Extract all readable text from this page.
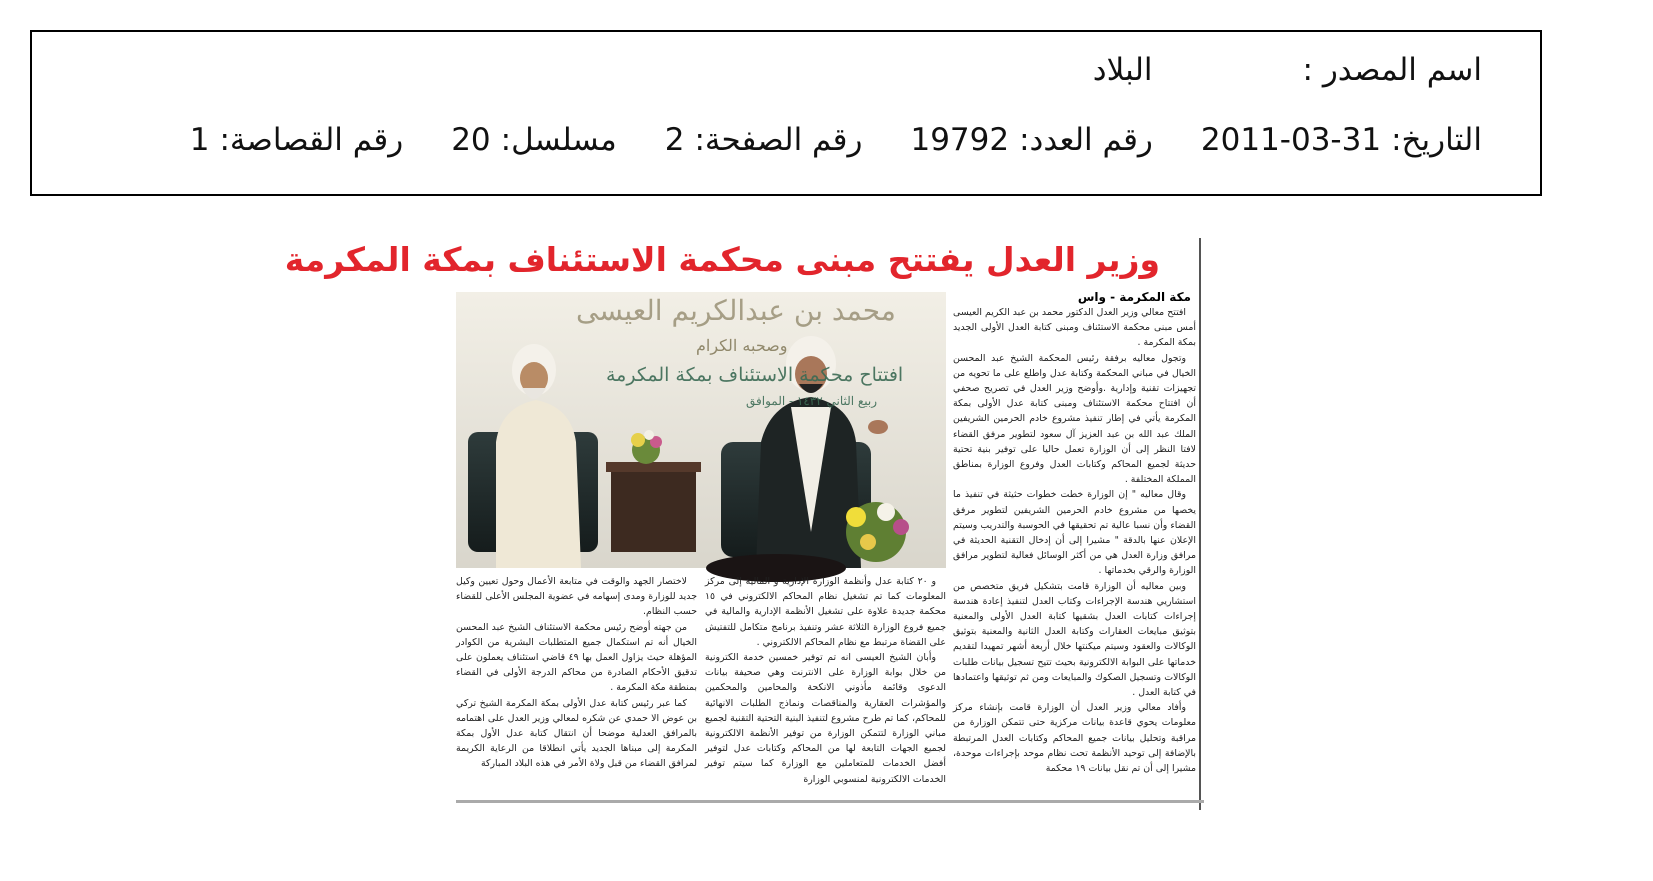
اسم المصدر :
البلاد
التاريخ:
2011-03-31
رقم العدد:
19792
رقم الصفحة:
2
مسلسل:
20
رقم القصاصة:
1
وزير العدل يفتتح مبنى محكمة الاستئناف بمكة المكرمة
مكة المكرمة - واس
محمد بن عبدالكريم العيسى
وصحبه الكرام
افتتاح محكمة الاستئناف بمكة المكرمة
ربيع الثاني ١٤٣٢ - الموافق

افتتح معالي وزير العدل الدكتور محمد بن عبد الكريم العيسى أمس مبنى محكمة الاستئناف ومبنى كتابة العدل الأولى الجديد بمكة المكرمة .

وتجول معاليه برفقة رئيس المحكمة الشيخ عبد المحسن الخيال في مباني المحكمة وكتابة عدل واطلع على ما تحويه من تجهيزات تقنية وإدارية .وأوضح وزير العدل في تصريح صحفي أن افتتاح محكمة الاستئناف ومبنى كتابة عدل الأولى بمكة المكرمة يأتي في إطار تنفيذ مشروع خادم الحرمين الشريفين الملك عبد الله بن عبد العزيز آل سعود لتطوير مرفق القضاء لافتا النظر إلى أن الوزارة تعمل حاليا على توفير بنية تحتية حديثة لجميع المحاكم وكتابات العدل وفروع الوزارة بمناطق المملكة المختلفة .

وقال معاليه " إن الوزارة خطت خطوات حثيثة في تنفيذ ما يخصها من مشروع خادم الحرمين الشريفين لتطوير مرفق القضاء وأن نسبا عالية تم تحقيقها في الحوسبة والتدريب وسيتم الإعلان عنها بالدقة " مشيرا إلى أن إدخال التقنية الحديثة في مرافق وزارة العدل هي من أكثر الوسائل فعالية لتطوير مرافق الوزارة والرقي بخدماتها .

وبين معاليه أن الوزارة قامت بتشكيل فريق متخصص من استشاريي هندسة الإجراءات وكتاب العدل لتنفيذ إعادة هندسة إجراءات كتابات العدل بشقيها كتابة العدل الأولى والمعنية بتوثيق مبايعات العقارات وكتابة العدل الثانية والمعنية بتوثيق الوكالات والعقود وسيتم ميكنتها خلال أربعة أشهر تمهيدا لتقديم خدماتها على البوابة الالكترونية بحيث تتيح تسجيل بيانات طلبات الوكالات وتسجيل الصكوك والمبايعات ومن ثم توثيقها واعتمادها في كتابة العدل .

وأفاد معالي وزير العدل أن الوزارة قامت بإنشاء مركز معلومات يحوي قاعدة بيانات مركزية حتى تتمكن الوزارة من مراقبة وتحليل بيانات جميع المحاكم وكتابات العدل المرتبطة بالإضافة إلى توحيد الأنظمة تحت نظام موحد بإجراءات موحدة، مشيرا إلى أن تم نقل بيانات ١٩ محكمة

و ٢٠ كتابة عدل وأنظمة الوزارة الإدارية و المالية إلى مركز المعلومات كما تم تشغيل نظام المحاكم الالكتروني في ١٥ محكمة جديدة علاوة على تشغيل الأنظمة الإدارية والمالية في جميع فروع الوزارة الثلاثة عشر وتنفيذ برنامج متكامل للتفتيش على القضاة مرتبط مع نظام المحاكم الالكتروني .

وأبان الشيخ العيسى انه تم توفير خمسين خدمة الكترونية من خلال بوابة الوزارة على الانترنت وهي صحيفة بيانات الدعوى وقائمة مأذوني الانكحة والمحامين والمحكمين والمؤشرات العقارية والمناقصات ونماذج الطلبات الانهائية للمحاكم، كما تم طرح مشروع لتنفيذ البنية التحتية التقنية لجميع مباني الوزارة لتتمكن الوزارة من توفير الأنظمة الالكترونية لجميع الجهات التابعة لها من المحاكم وكتابات عدل لتوفير أفضل الخدمات للمتعاملين مع الوزارة كما سيتم توفير الخدمات الالكترونية لمنسوبي الوزارة

لاختصار الجهد والوقت في متابعة الأعمال وحول تعيين وكيل جديد للوزارة ومدى إسهامه في عضوية المجلس الأعلى للقضاء حسب النظام.

من جهته أوضح رئيس محكمة الاستئناف الشيخ عبد المحسن الخيال أنه تم استكمال جميع المتطلبات البشرية من الكوادر المؤهلة حيث يزاول العمل بها ٤٩ قاضي استئناف يعملون على تدقيق الأحكام الصادرة من محاكم الدرجة الأولى في القضاء بمنطقة مكة المكرمة .

كما عبر رئيس كتابة عدل الأولى بمكة المكرمة الشيخ تركي بن عوض الا حمدي عن شكره لمعالي وزير العدل على اهتمامه بالمرافق العدلية موضحا أن انتقال كتابة عدل الأول بمكة المكرمة إلى مبناها الجديد يأتي انطلاقا من الرعاية الكريمة لمرافق القضاء من قبل ولاة الأمر في هذه البلاد المباركة
